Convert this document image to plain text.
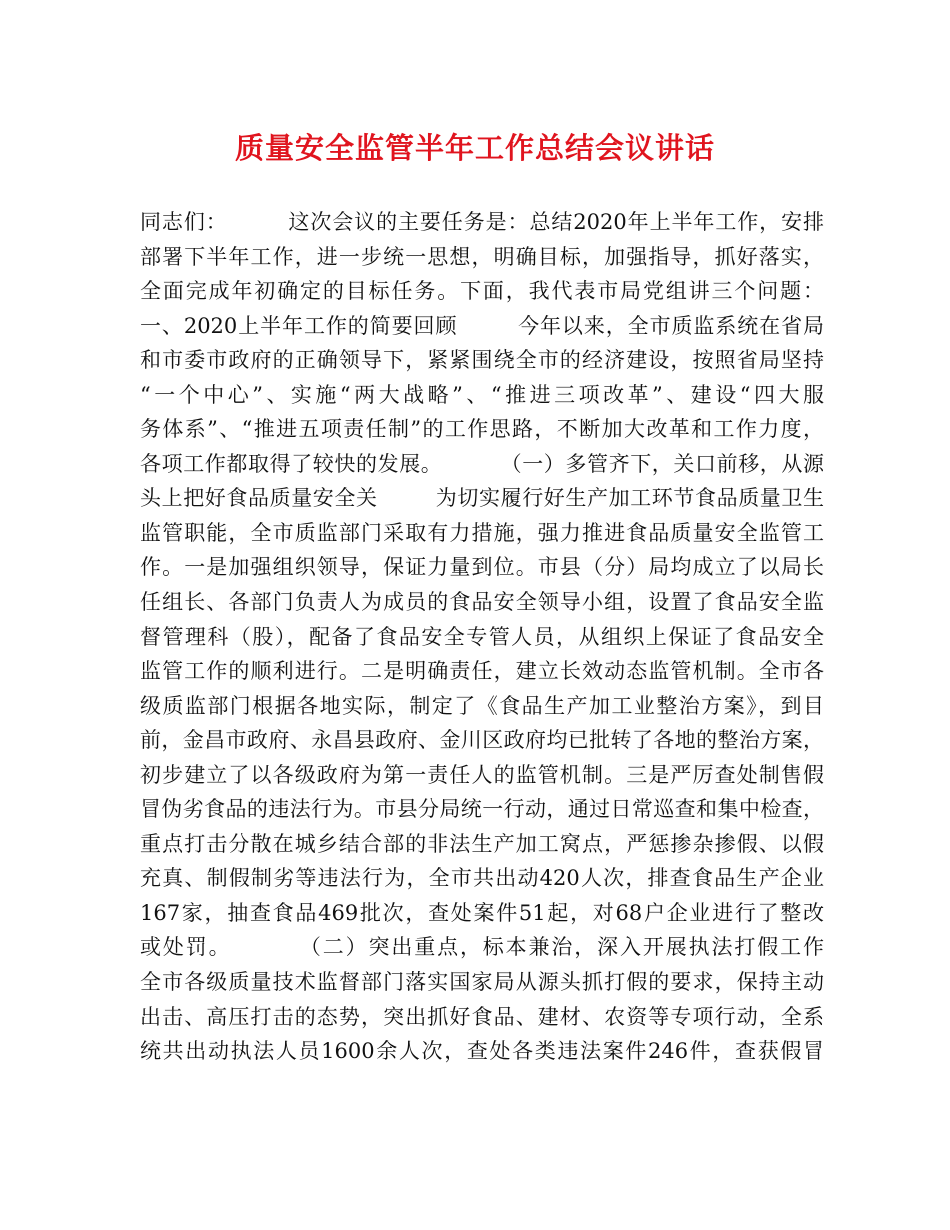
质量安全监管半年工作总结会议讲话
同志们：        这次会议的主要任务是：总结2020年上半年工作，安排
部署下半年工作，进一步统一思想，明确目标，加强指导，抓好落实，
全面完成年初确定的目标任务。下面，我代表市局党组讲三个问题：
一、2020上半年工作的简要回顾        今年以来，全市质监系统在省局
和市委市政府的正确领导下，紧紧围绕全市的经济建设，按照省局坚持
“一个中心”、实施“两大战略”、“推进三项改革”、建设“四大服
务体系”、“推进五项责任制”的工作思路，不断加大改革和工作力度，
各项工作都取得了较快的发展。        （一）多管齐下，关口前移，从源
头上把好食品质量安全关        为切实履行好生产加工环节食品质量卫生
监管职能，全市质监部门采取有力措施，强力推进食品质量安全监管工
作。一是加强组织领导，保证力量到位。市县（分）局均成立了以局长
任组长、各部门负责人为成员的食品安全领导小组，设置了食品安全监
督管理科（股），配备了食品安全专管人员，从组织上保证了食品安全
监管工作的顺利进行。二是明确责任，建立长效动态监管机制。全市各
级质监部门根据各地实际，制定了《食品生产加工业整治方案》，到目
前，金昌市政府、永昌县政府、金川区政府均已批转了各地的整治方案，
初步建立了以各级政府为第一责任人的监管机制。三是严厉查处制售假
冒伪劣食品的违法行为。市县分局统一行动，通过日常巡查和集中检查，
重点打击分散在城乡结合部的非法生产加工窝点，严惩掺杂掺假、以假
充真、制假制劣等违法行为，全市共出动420人次，排查食品生产企业
167家，抽查食品469批次，查处案件51起，对68户企业进行了整改
或处罚。        （二）突出重点，标本兼治，深入开展执法打假工作
全市各级质量技术监督部门落实国家局从源头抓打假的要求，保持主动
出击、高压打击的态势，突出抓好食品、建材、农资等专项行动，全系
统共出动执法人员1600余人次，查处各类违法案件246件，查获假冒
